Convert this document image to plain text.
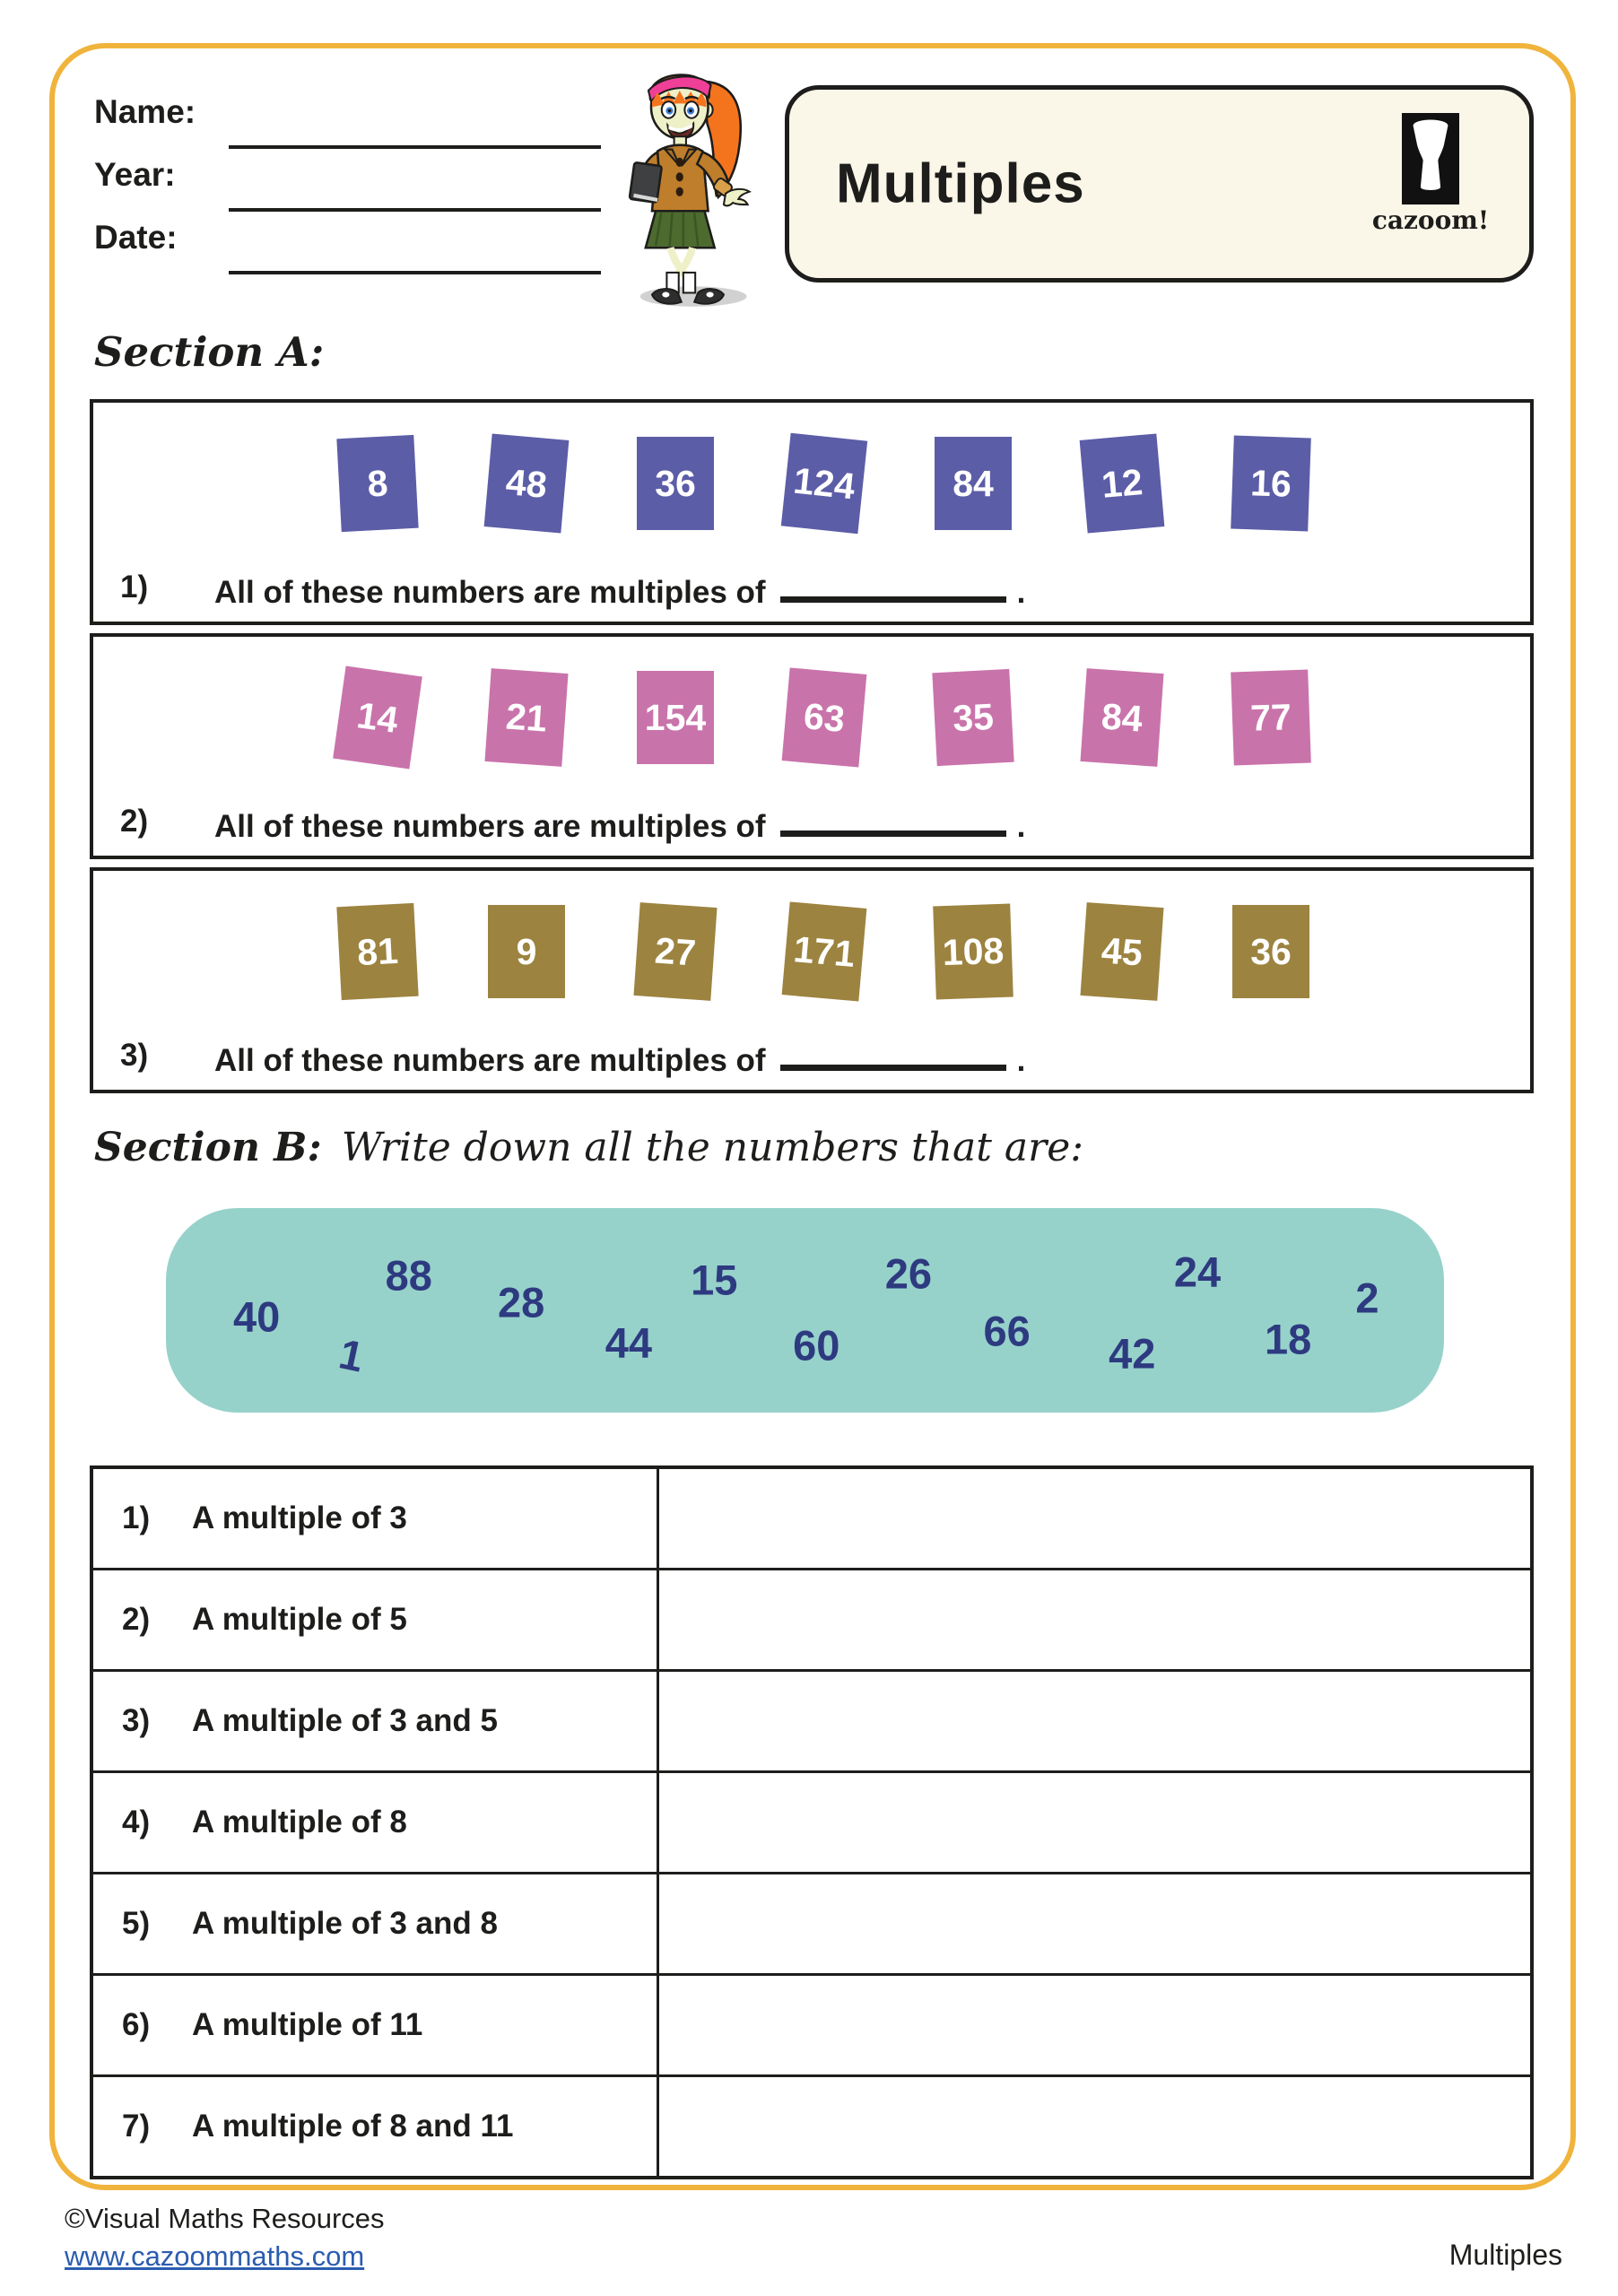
Name:
Year:
Date:
Multiples
cazoom!
Section A:
8	48	36	124	84	12	16
1) All of these numbers are multiples of	.
14	21	154	63	35	84	77
2) All of these numbers are multiples of	.
81	9	27	171 108	45	36
3) All of these numbers are multiples of	.
Section B: Write down all the numbers that are:
40
88
1
28
44
15
60
26
66 42
24
18
2
1) A multiple of 3
2) A multiple of 5
3) A multiple of 3 and 5
4) A multiple of 8
5) A multiple of 3 and 8
6) A multiple of 11
7) A multiple of 8 and 11
©Visual Maths Resources
www.cazoommaths.com	Multiples
